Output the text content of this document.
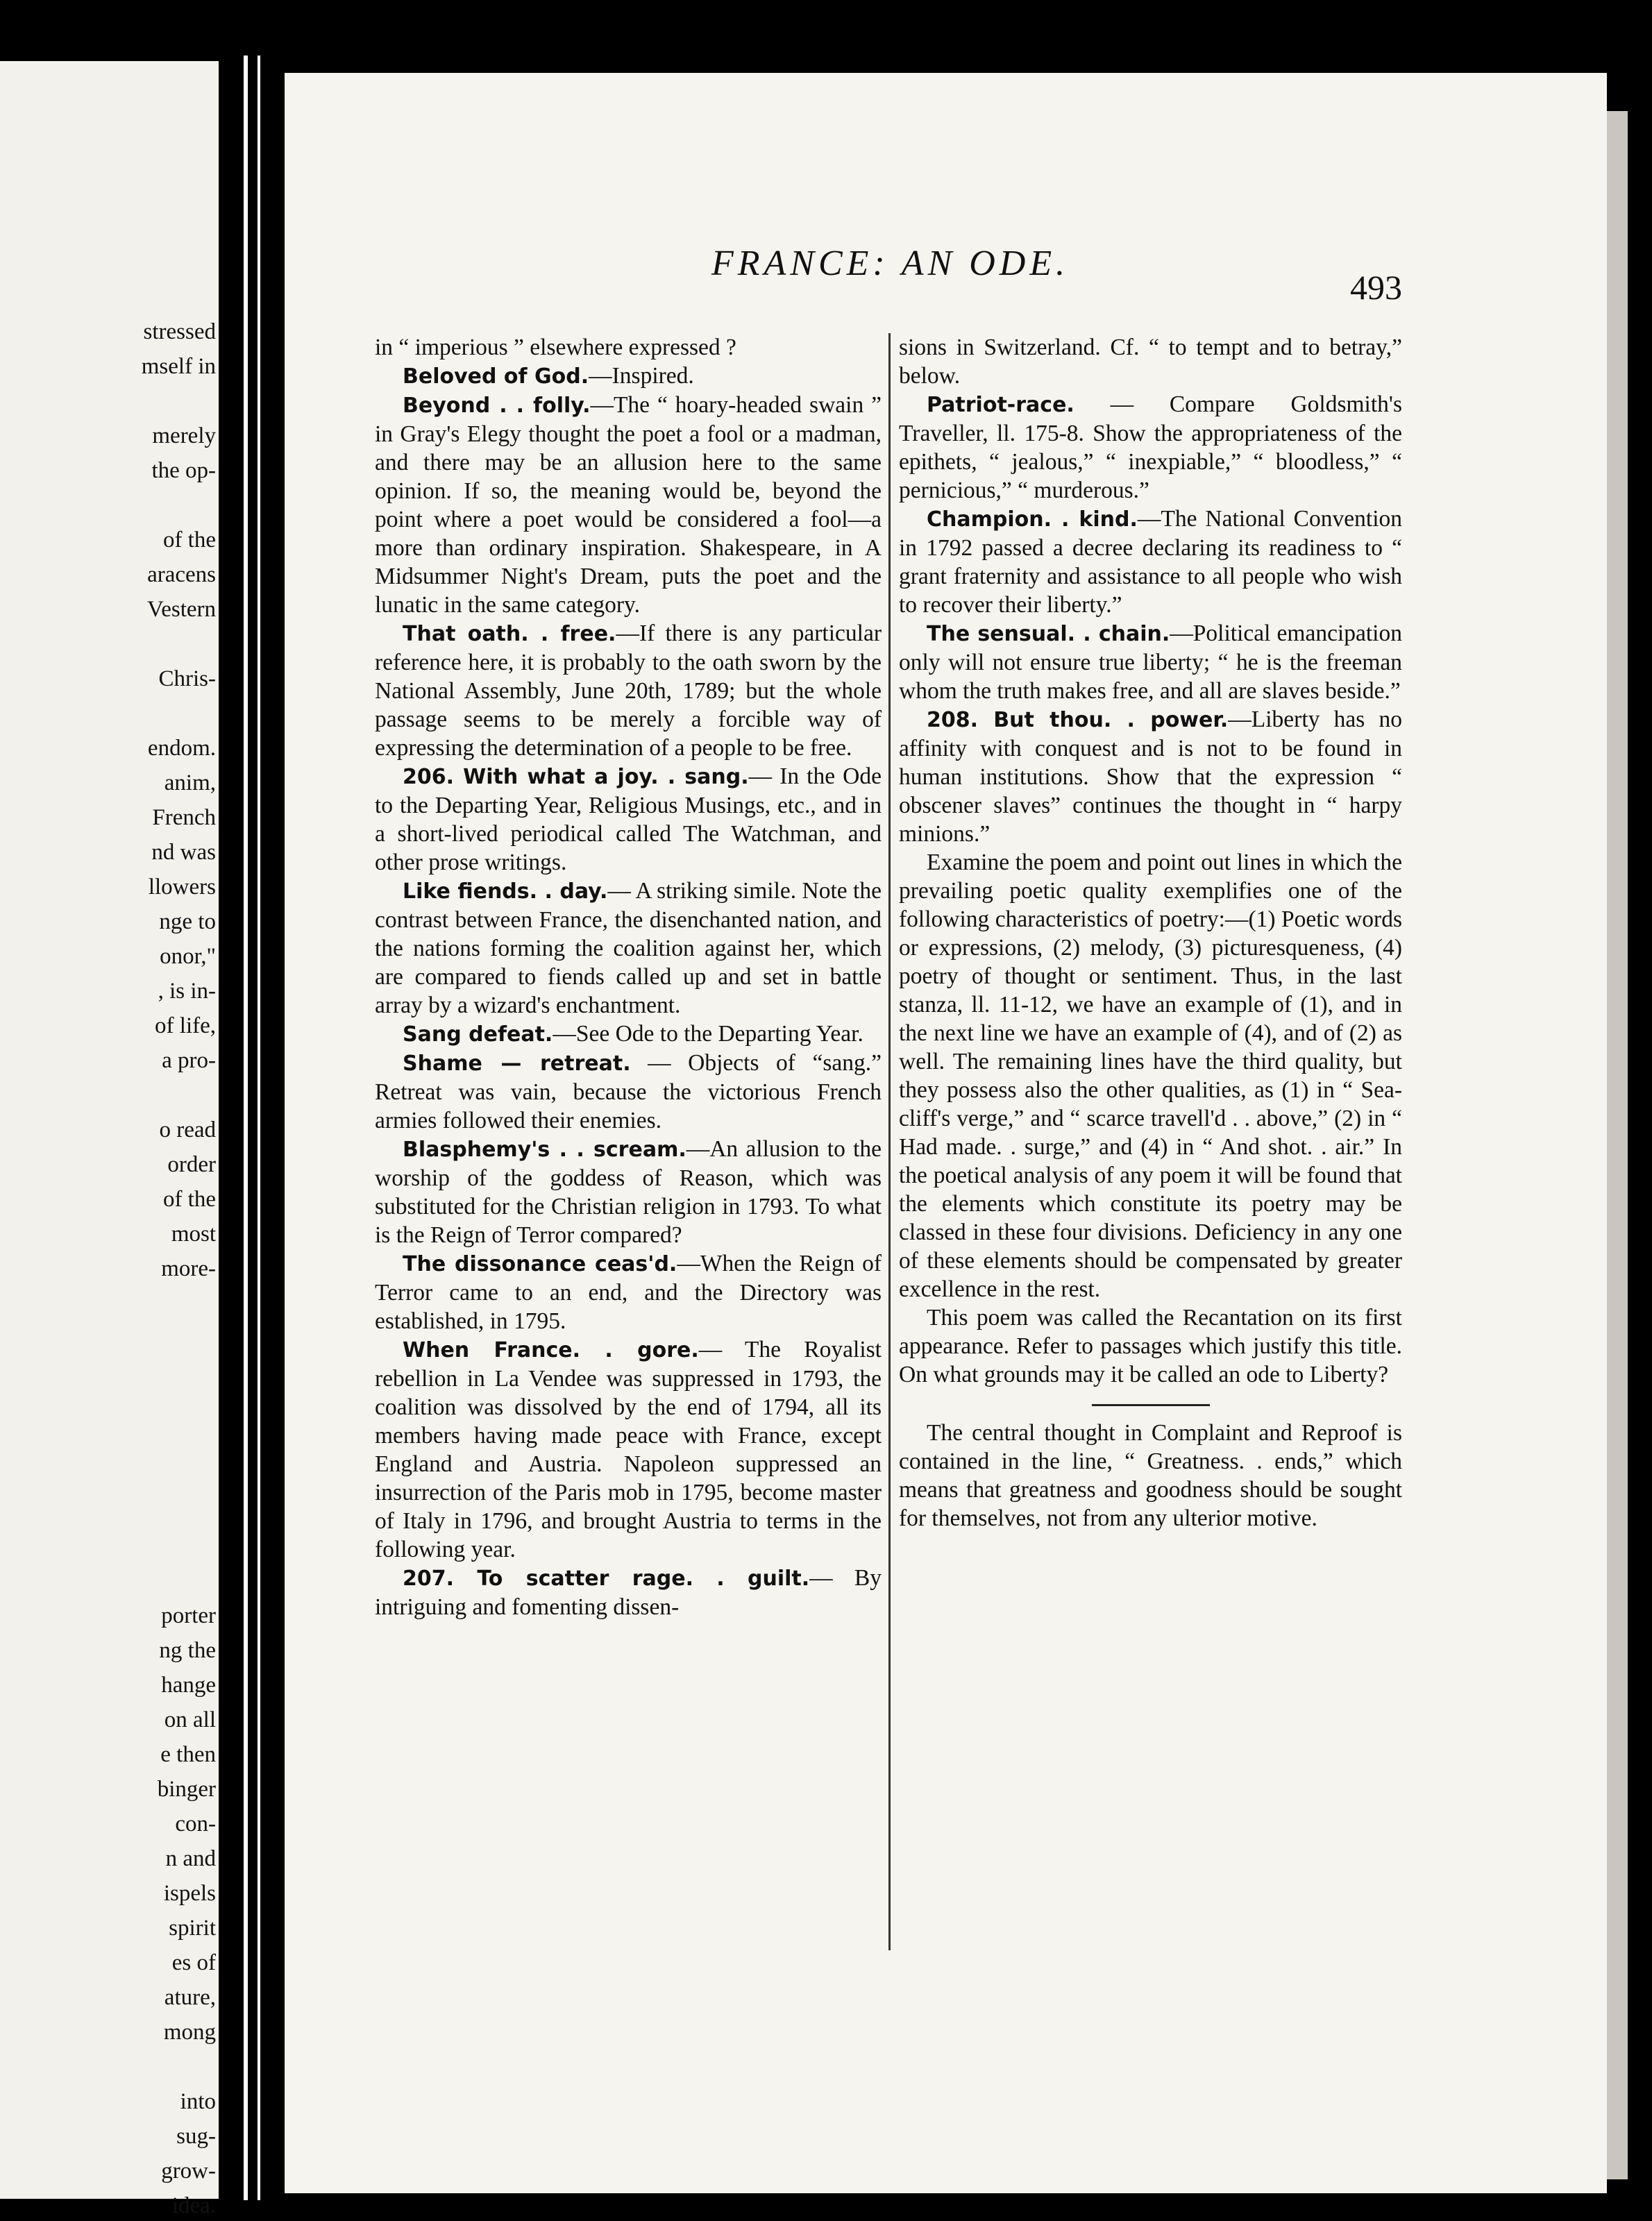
stressed
mself in
merely
the op-
of the
aracens
Vestern
Chris-
endom.
anim,
French
nd was
llowers
nge to
onor,"
, is in-
of life,
a pro-
o read
order
of the
most
more-
porter
ng the
hange
on all
e then
binger
con-
n and
ispels
spirit
es of
ature,
mong
into
sug-
grow-
idea.
FRANCE: AN ODE.
493

in “ imperious ” elsewhere expressed ?

Beloved of God.—Inspired.

Beyond . . folly.—The “ hoary-headed swain ” in Gray's Elegy thought the poet a fool or a madman, and there may be an allusion here to the same opinion. If so, the meaning would be, beyond the point where a poet would be considered a fool—a more than ordinary inspiration. Shakespeare, in A Midsummer Night's Dream, puts the poet and the lunatic in the same category.

That oath. . free.—If there is any particular reference here, it is probably to the oath sworn by the National Assembly, June 20th, 1789; but the whole passage seems to be merely a forcible way of expressing the determination of a people to be free.

206. With what a joy. . sang.— In the Ode to the Departing Year, Religious Musings, etc., and in a short-lived periodical called The Watchman, and other prose writings.

Like fiends. . day.— A striking simile. Note the contrast between France, the disenchanted nation, and the nations forming the coalition against her, which are compared to fiends called up and set in battle array by a wizard's enchantment.

Sang defeat.—See Ode to the Departing Year.

Shame — retreat. — Objects of “sang.” Retreat was vain, because the victorious French armies followed their enemies.

Blasphemy's . . scream.—An allusion to the worship of the goddess of Reason, which was substituted for the Christian religion in 1793. To what is the Reign of Terror compared?

The dissonance ceas'd.—When the Reign of Terror came to an end, and the Directory was established, in 1795.

When France. . gore.— The Royalist rebellion in La Vendee was suppressed in 1793, the coalition was dissolved by the end of 1794, all its members having made peace with France, except England and Austria. Napoleon suppressed an insurrection of the Paris mob in 1795, become master of Italy in 1796, and brought Austria to terms in the following year.

207. To scatter rage. . guilt.— By intriguing and fomenting dissen-

sions in Switzerland. Cf. “ to tempt and to betray,” below.

Patriot-race. — Compare Goldsmith's Traveller, ll. 175-8. Show the appropriateness of the epithets, “ jealous,” “ inexpiable,” “ bloodless,” “ pernicious,” “ murderous.”

Champion. . kind.—The National Convention in 1792 passed a decree declaring its readiness to “ grant fraternity and assistance to all people who wish to recover their liberty.”

The sensual. . chain.—Political emancipation only will not ensure true liberty; “ he is the freeman whom the truth makes free, and all are slaves beside.”

208. But thou. . power.—Liberty has no affinity with conquest and is not to be found in human institutions. Show that the expression “ obscener slaves” continues the thought in “ harpy minions.”

Examine the poem and point out lines in which the prevailing poetic quality exemplifies one of the following characteristics of poetry:—(1) Poetic words or expressions, (2) melody, (3) picturesqueness, (4) poetry of thought or sentiment. Thus, in the last stanza, ll. 11-12, we have an example of (1), and in the next line we have an example of (4), and of (2) as well. The remaining lines have the third quality, but they possess also the other qualities, as (1) in “ Sea-cliff's verge,” and “ scarce travell'd . . above,” (2) in “ Had made. . surge,” and (4) in “ And shot. . air.” In the poetical analysis of any poem it will be found that the elements which constitute its poetry may be classed in these four divisions. Deficiency in any one of these elements should be compensated by greater excellence in the rest.

This poem was called the Recantation on its first appearance. Refer to passages which justify this title. On what grounds may it be called an ode to Liberty?

The central thought in Complaint and Reproof is contained in the line, “ Greatness. . ends,” which means that greatness and goodness should be sought for themselves, not from any ulterior motive.
